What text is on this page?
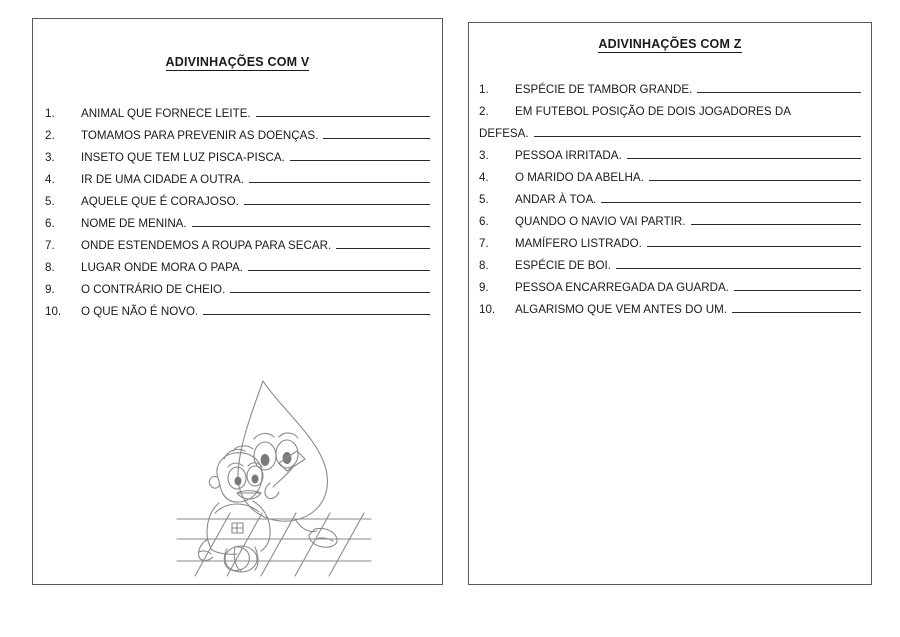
ADIVINHAÇÕES COM V
1.	ANIMAL QUE FORNECE LEITE.
2.	TOMAMOS PARA PREVENIR AS DOENÇAS.
3.	INSETO QUE TEM LUZ PISCA-PISCA.
4.	IR DE UMA CIDADE A OUTRA.
5.	AQUELE QUE É CORAJOSO.
6.	NOME DE MENINA.
7.	ONDE ESTENDEMOS A ROUPA PARA SECAR.
8.	LUGAR ONDE MORA O PAPA.
9.	O CONTRÁRIO DE CHEIO.
10.	O QUE NÃO É NOVO.
ADIVINHAÇÕES COM Z
1.	ESPÉCIE DE TAMBOR GRANDE.
2. EM FUTEBOL POSIÇÃO DE DOIS JOGADORES DA
DEFESA.
3.	PESSOA IRRITADA.
4.	O MARIDO DA ABELHA.
5.	ANDAR À TOA.
6.	QUANDO O NAVIO VAI PARTIR.
7.	MAMÍFERO LISTRADO.
8.	ESPÉCIE DE BOI.
9.	PESSOA ENCARREGADA DA GUARDA.
10.	ALGARISMO QUE VEM ANTES DO UM.
